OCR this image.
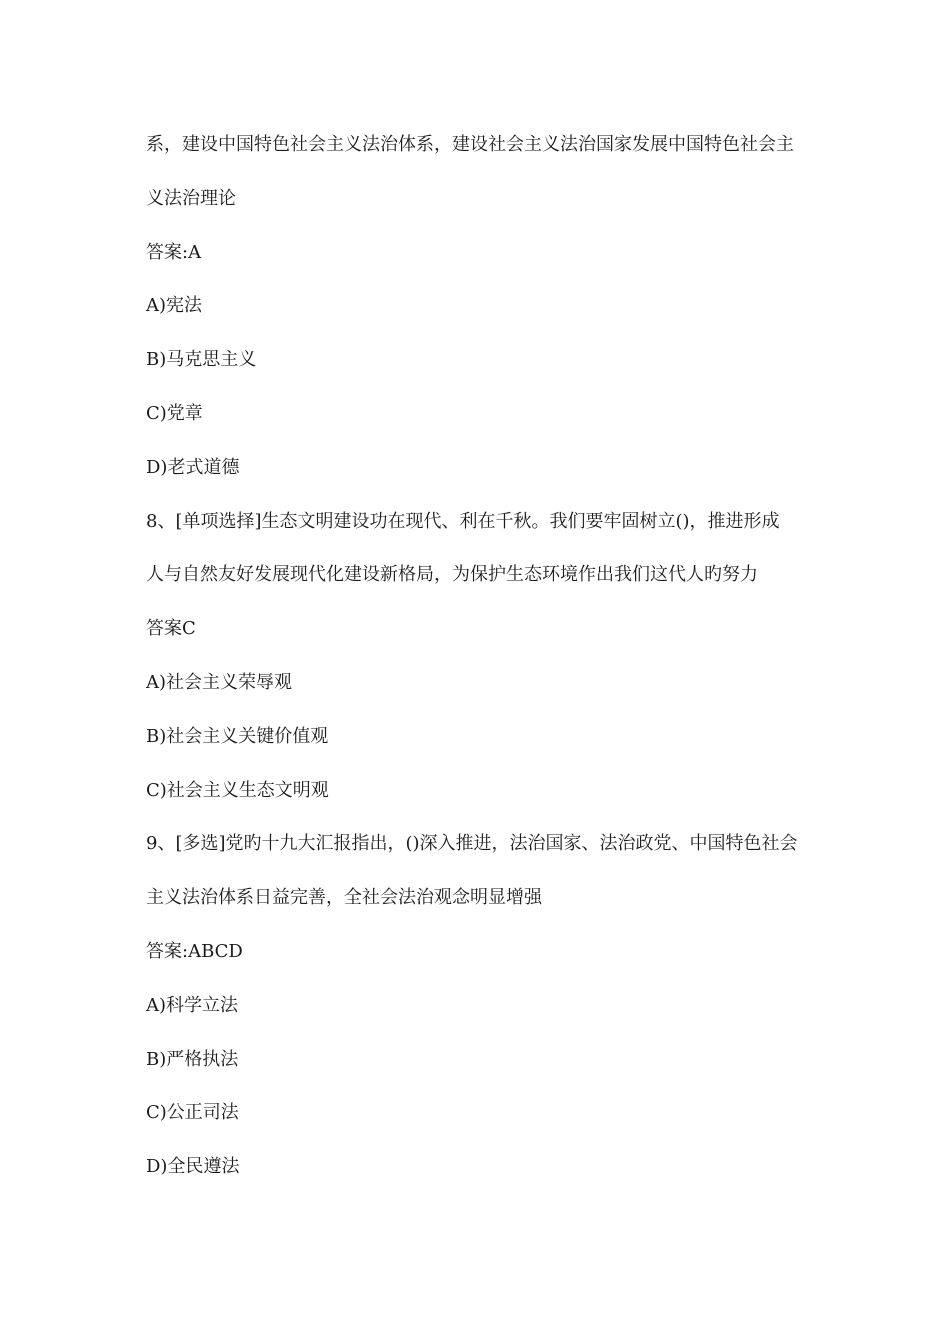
系，建设中国特色社会主义法治体系，建设社会主义法治国家发展中国特色社会主

义法治理论

答案:A

A)宪法

B)马克思主义

C)党章

D)老式道德

8、[单项选择]生态文明建设功在现代、利在千秋。我们要牢固树立()，推进形成

人与自然友好发展现代化建设新格局，为保护生态环境作出我们这代人旳努力

答案C

A)社会主义荣辱观

B)社会主义关键价值观

C)社会主义生态文明观

9、[多选]党旳十九大汇报指出，()深入推进，法治国家、法治政党、中国特色社会

主义法治体系日益完善，全社会法治观念明显增强

答案:ABCD

A)科学立法

B)严格执法

C)公正司法

D)全民遵法
